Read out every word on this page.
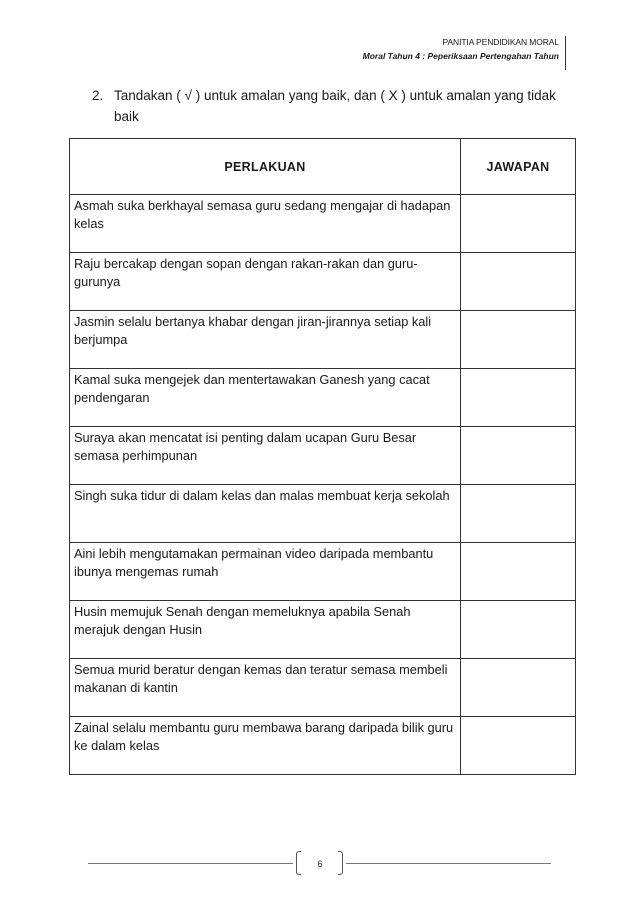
PANITIA PENDIDIKAN MORAL
Moral Tahun 4 : Peperiksaan Pertengahan Tahun
2. Tandakan ( √ ) untuk amalan yang baik, dan ( X ) untuk amalan yang tidak baik
PERLAKUAN	JAWAPAN
Asmah suka berkhayal semasa guru sedang mengajar di hadapan kelas	
Raju bercakap dengan sopan dengan rakan-rakan dan guru-gurunya	
Jasmin selalu bertanya khabar dengan jiran-jirannya setiap kali berjumpa	
Kamal suka mengejek dan mentertawakan Ganesh yang cacat pendengaran	
Suraya akan mencatat isi penting dalam ucapan Guru Besar semasa perhimpunan	
Singh suka tidur di dalam kelas dan malas membuat kerja sekolah	
Aini lebih mengutamakan permainan video daripada membantu ibunya mengemas rumah	
Husin memujuk Senah dengan memeluknya apabila Senah merajuk dengan Husin	
Semua murid beratur dengan kemas dan teratur semasa membeli makanan di kantin	
Zainal selalu membantu guru membawa barang daripada bilik guru ke dalam kelas	
6
